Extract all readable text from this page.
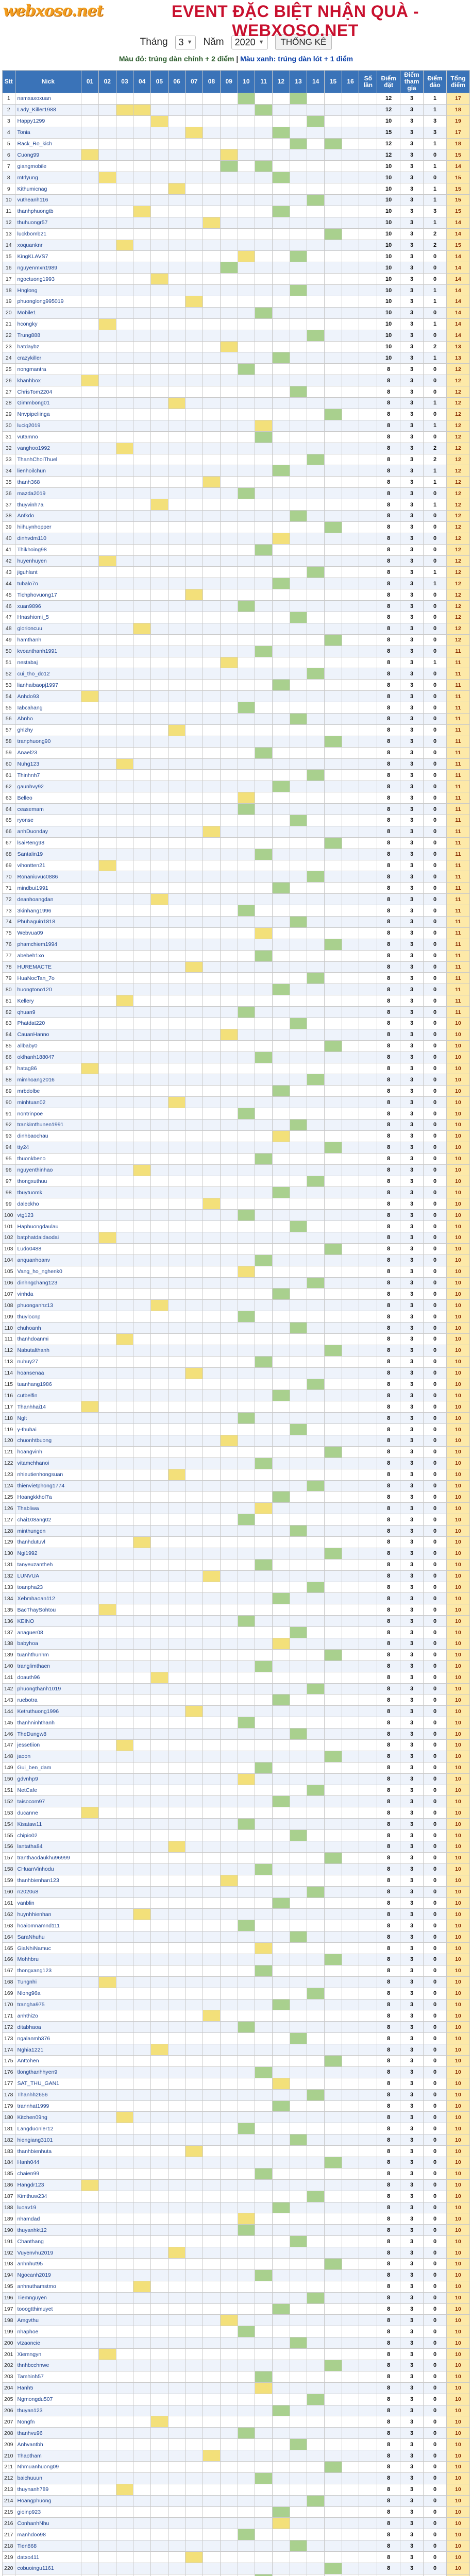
webxoso.net	EVENT ĐẶC BIỆT NHẬN QUÀ - WEBXOSO.NET
Tháng 3 ▼ Năm 2020 ▼	THỐNG KÊ
Màu đỏ: trúng dàn chính + 2 điểm | Màu xanh: trúng dàn lót + 1 điểm
Stt	Nick	01	02	03	04	05	06	07	08	09	10	11	12	13	14	15	16	Số lần	Điểm đặt	Điểm tham gia	Điểm đảo	Tổng điểm
1	namxaxoxuan																		12	3	1	17
2	Lady_Killer1988																		12	3	1	18
3	Happy1299																		10	3	3	19
4	Tonia																		15	3	3	17
5	Rack_Ro_kich																		12	3	1	18
6	Cuong99																		12	3	0	15
7	giangmobile																		10	3	1	14
8	mtrlyung																		10	3	0	15
9	Kithumicnag																		10	3	1	15
10	vutheanh116																		10	3	1	15
11	thanhphuongtb																		10	3	3	15
12	thuhuongr57																		10	3	1	14
13	luckbomb21																		10	3	2	14
14	xoquanknr																		10	3	2	15
15	KingKLAVS7																		10	3	0	14
16	nguyenmxn1989																		10	3	0	14
17	ngoctuong1993																		10	3	0	14
18	Hnglong																		10	3	1	14
19	phuonglong995019																		10	3	1	14
20	Mobile1																		10	3	0	14
21	hcongky																		10	3	1	14
22	Trung888																		10	3	0	14
23	hatdaybz																		10	3	2	13
24	crazykiller																		10	3	1	13
25	nongmantra																		8	3	0	12
26	khanhbox																		8	3	0	12
27	ChrisTom2204																		8	3	0	12
28	Gimmbong01																		8	3	1	12
29	Nnvpipeliinga																		8	3	0	12
30	luciq2019																		8	3	1	12
31	vutamno																		8	3	0	12
32	vanghoo1992																		8	3	2	12
33	ThanhChoiThuel																		8	3	2	12
34	lienhoilchun																		8	3	1	12
35	thanh368																		8	3	1	12
36	mazda2019																		8	3	0	12
37	thuyvinh7a																		8	3	1	12
38	Anfkdo																		8	3	0	12
39	hiihuynhopper																		8	3	0	12
40	dinhvdm110																		8	3	0	12
41	Thikhoing98																		8	3	0	12
42	huyenhuyen																		8	3	0	12
43	jiguhlant																		8	3	1	12
44	tubalo7o																		8	3	1	12
45	Tichphovuong17																		8	3	0	12
46	xuan9896																		8	3	0	12
47	Hnashiomi_5																		8	3	0	12
48	glorioncuu																		8	3	0	12
49	hamthanh																		8	3	0	12
50	kvoanthanh1991																		8	3	0	11
51	nestabaj																		8	3	1	11
52	cui_tho_do12																		8	3	0	11
53	lianhaibaopj1997																		8	3	0	11
54	Anhdo93																		8	3	0	11
55	Iabcahang																		8	3	0	11
56	Ahnho																		8	3	0	11
57	ghlzhy																		8	3	0	11
58	tranphuong90																		8	3	0	11
59	Anael23																		8	3	0	11
60	Nuhg123																		8	3	0	11
61	Thinhnh7																		8	3	0	11
62	gaunhvy92																		8	3	0	11
63	Belleo																		8	3	0	11
64	ceasemam																		8	3	0	11
65	ryonse																		8	3	0	11
66	anhDuonday																		8	3	0	11
67	lsaiReng98																		8	3	0	11
68	Santalin19																		8	3	0	11
69	vihontten21																		8	3	0	11
70	Ronaniuvuc0886																		8	3	0	11
71	mindbui1991																		8	3	0	11
72	deanhoangdan																		8	3	0	11
73	3kinhang1996																		8	3	0	11
74	Phuhaguin1818																		8	3	0	11
75	Webvua09																		8	3	0	11
76	phamchiem1994																		8	3	0	11
77	abebeh1xo																		8	3	0	11
78	HUREMACTE																		8	3	0	11
79	HuaNocTan_7o																		8	3	0	11
80	huongtono120																		8	3	0	11
81	Kellery																		8	3	0	11
82	qhuan9																		8	3	0	11
83	Phatdat220																		8	3	0	10
84	CauanHanno																		8	3	0	10
85	allbaby0																		8	3	0	10
86	oklhanh188047																		8	3	0	10
87	hatag86																		8	3	0	10
88	mimhoang2016																		8	3	0	10
89	mrbdolbe																		8	3	0	10
90	minhtuan02																		8	3	0	10
91	nontrinpoe																		8	3	0	10
92	trankimthunen1991																		8	3	0	10
93	dinhbaochau																		8	3	0	10
94	tty24																		8	3	0	10
95	thuonkbeno																		8	3	0	10
96	nguyenthinhao																		8	3	0	10
97	thongxuthuu																		8	3	0	10
98	tbuytuomk																		8	3	0	10
99	daleckho																		8	3	0	10
100	vtg123																		8	3	0	10
101	Haphuongdaulau																		8	3	0	10
102	batphatdaidaodai																		8	3	0	10
103	Ludo0488																		8	3	0	10
104	anquanhoanv																		8	3	0	10
105	Vang_ho_nghenk0																		8	3	0	10
106	dinhngchang123																		8	3	0	10
107	vinhda																		8	3	0	10
108	phuonganhz13																		8	3	0	10
109	thuylocnp																		8	3	0	10
110	chuhoanh																		8	3	0	10
111	thanhdoanmi																		8	3	0	10
112	Nabutalthanh																		8	3	0	10
113	nuhuy27																		8	3	0	10
114	hoansenaa																		8	3	0	10
115	tuanhang1986																		8	3	0	10
116	cutbelfin																		8	3	0	10
117	Thanhhai14																		8	3	0	10
118	Nglt																		8	3	0	10
119	y-thuhai																		8	3	0	10
120	chuonhtbuong																		8	3	0	10
121	hoangvinh																		8	3	0	10
122	vitamchhanoi																		8	3	0	10
123	nhieutienhongsuan																		8	3	0	10
124	thienvietphong1774																		8	3	0	10
125	Hoangkkhol7a																		8	3	0	10
126	Thabliwa																		8	3	0	10
127	chai108ang02																		8	3	0	10
128	minthungen																		8	3	0	10
129	thanhdutuvl																		8	3	0	10
130	Ngi1992																		8	3	0	10
131	tanyeuzantheh																		8	3	0	10
132	LUNVUA																		8	3	0	10
133	toanpha23																		8	3	0	10
134	Xebmhaoan112																		8	3	0	10
135	BacThaySohtou																		8	3	0	10
136	KEINO																		8	3	0	10
137	anaguer08																		8	3	0	10
138	babyhoa																		8	3	0	10
139	tuanhthunhm																		8	3	0	10
140	tranglimthaen																		8	3	0	10
141	doauth96																		8	3	0	10
142	phuongthanh1019																		8	3	0	10
143	ruebotra																		8	3	0	10
144	Ketruthuong1996																		8	3	0	10
145	thanhninhthanh																		8	3	0	10
146	TheDungw8																		8	3	0	10
147	jessetiion																		8	3	0	10
148	jaoon																		8	3	0	10
149	Gui_ben_dam																		8	3	0	10
150	gdvnhp9																		8	3	0	10
151	NetCafe																		8	3	0	10
152	taisocom97																		8	3	0	10
153	ducanne																		8	3	0	10
154	Kisataw11																		8	3	0	10
155	chipio02																		8	3	0	10
156	lantatha84																		8	3	0	10
157	tranthaodaukhu96999																		8	3	0	10
158	CHuanVinhodu																		8	3	0	10
159	thanhbienhan123																		8	3	0	10
160	n2020u8																		8	3	0	10
161	vanblin																		8	3	0	10
162	huynhhienhan																		8	3	0	10
163	hoaiomnamnd111																		8	3	0	10
164	SaraNhuhu																		8	3	0	10
165	GiaNhiNamuc																		8	3	0	10
166	Mohhbru																		8	3	0	10
167	thongxang123																		8	3	0	10
168	Tungnhi																		8	3	0	10
169	Nlong96a																		8	3	0	10
170	trangha975																		8	3	0	10
171	anhthi2o																		8	3	0	10
172	ditabhaoa																		8	3	0	10
173	ngalanmh376																		8	3	0	10
174	Nghia1221																		8	3	0	10
175	Anttohen																		8	3	0	10
176	tlongthanhhyen9																		8	3	0	10
177	SAT_THU_GAN1																		8	3	0	10
178	Thanhh2656																		8	3	0	10
179	trannhat1999																		8	3	0	10
180	Kitchen09ng																		8	3	0	10
181	Langduonler12																		8	3	0	10
182	hiengiang3101																		8	3	0	10
183	thanhbienhuta																		8	3	0	10
184	Hanh044																		8	3	0	10
185	chaien99																		8	3	0	10
186	Hangdr123																		8	3	0	10
187	Kimthuw234																		8	3	0	10
188	luoav19																		8	3	0	10
189	nhamdad																		8	3	0	10
190	thuyanhkt12																		8	3	0	10
191	Chanthang																		8	3	0	10
192	Vuyenvhu2019																		8	3	0	10
193	anhnhut95																		8	3	0	10
194	Ngocanh2019																		8	3	0	10
195	anhnuthamstmo																		8	3	0	10
196	Tiemnguyen																		8	3	0	10
197	tooogtthimuyet																		8	3	0	10
198	Amgvthu																		8	3	0	10
199	nhaphoe																		8	3	0	10
200	vtzaoncie																		8	3	0	10
201	Xiemngyn																		8	3	0	10
202	thnhbcchnwe																		8	3	0	10
203	Tamhinh57																		8	3	0	10
204	Hanh5																		8	3	0	10
205	Ngmongdu507																		8	3	0	10
206	thuyan123																		8	3	0	10
207	Nongfn																		8	3	0	10
208	thanhvu96																		8	3	0	10
209	Anhvantbh																		8	3	0	10
210	Thaotham																		8	3	0	10
211	Nhmuanhuong09																		8	3	0	10
212	baichuuun																		8	3	0	10
213	thuynanh789																		8	3	0	10
214	Hoangphuong																		8	3	0	10
215	gioinp923																		8	3	0	10
216	ConhanhNhu																		8	3	0	10
217	manhdoo98																		8	3	0	10
218	Tien868																		8	3	0	10
219	datxo411																		8	3	0	10
220	cobuoingu1161																		8	3	0	10
